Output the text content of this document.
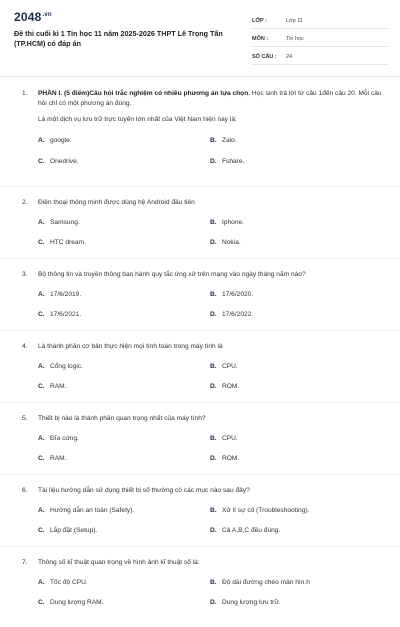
$2048^{.vn}$
Đề thi cuối kì 1 Tin học 11 năm 2025-2026 THPT Lê Trọng Tấn (TP.HCM) có đáp án
LỚP :	Lớp 11
MÔN :	Tin học
SỐ CÂU :	24
1.	PHẦN I. (5 điểm)Câu hỏi trắc nghiệm có nhiều phương án lựa chọn. Học sinh trả lời từ câu 1đến câu 20. Mỗi câu hỏi chỉ có một phương án đúng.
Là một dịch vụ lưu trữ trực tuyến lớn nhất của Việt Nam hiện nay là:
A. google.	B. Zalo.
C. Onedrive.	D. Fshare.
2.	Điện thoại thông minh được dùng hệ Android đầu tiên
A. Samsung.	B. Iphone.
C. HTC dream.	D. Nokia.
3.	Bộ thông tin và truyền thông ban hành quy tắc ứng xử trên mạng vào ngày tháng năm nào?
A. 17/6/2019.	B. 17/6/2020.
C. 17/6/2021.	D. 17/6/2022.
4.	Là thành phần cơ bản thực hiện mọi tính toán trong máy tính là
A. Cổng logic.	B. CPU.
C. RAM.	D. ROM.
5.	Thiết bị nào là thành phần quan trọng nhất của máy tính?
A. Đĩa cứng.	B. CPU.
C. RAM.	D. ROM.
6.	Tài liệu hướng dẫn sử dụng thiết bị số thường có các mục nào sau đây?
A. Hướng dẫn an toàn (Safety).	B. Xử lí sự cố (Troubleshooting).
C. Lắp đặt (Setup).	D. Cả A,B,C đều đúng.
7.	Thông số kĩ thuật quan trọng về hình ảnh kĩ thuật số là:
A. Tốc độ CPU.	B. Độ dài đường chéo màn hìn.h
C. Dung lượng RAM.	D. Dung lượng lưu trữ.
